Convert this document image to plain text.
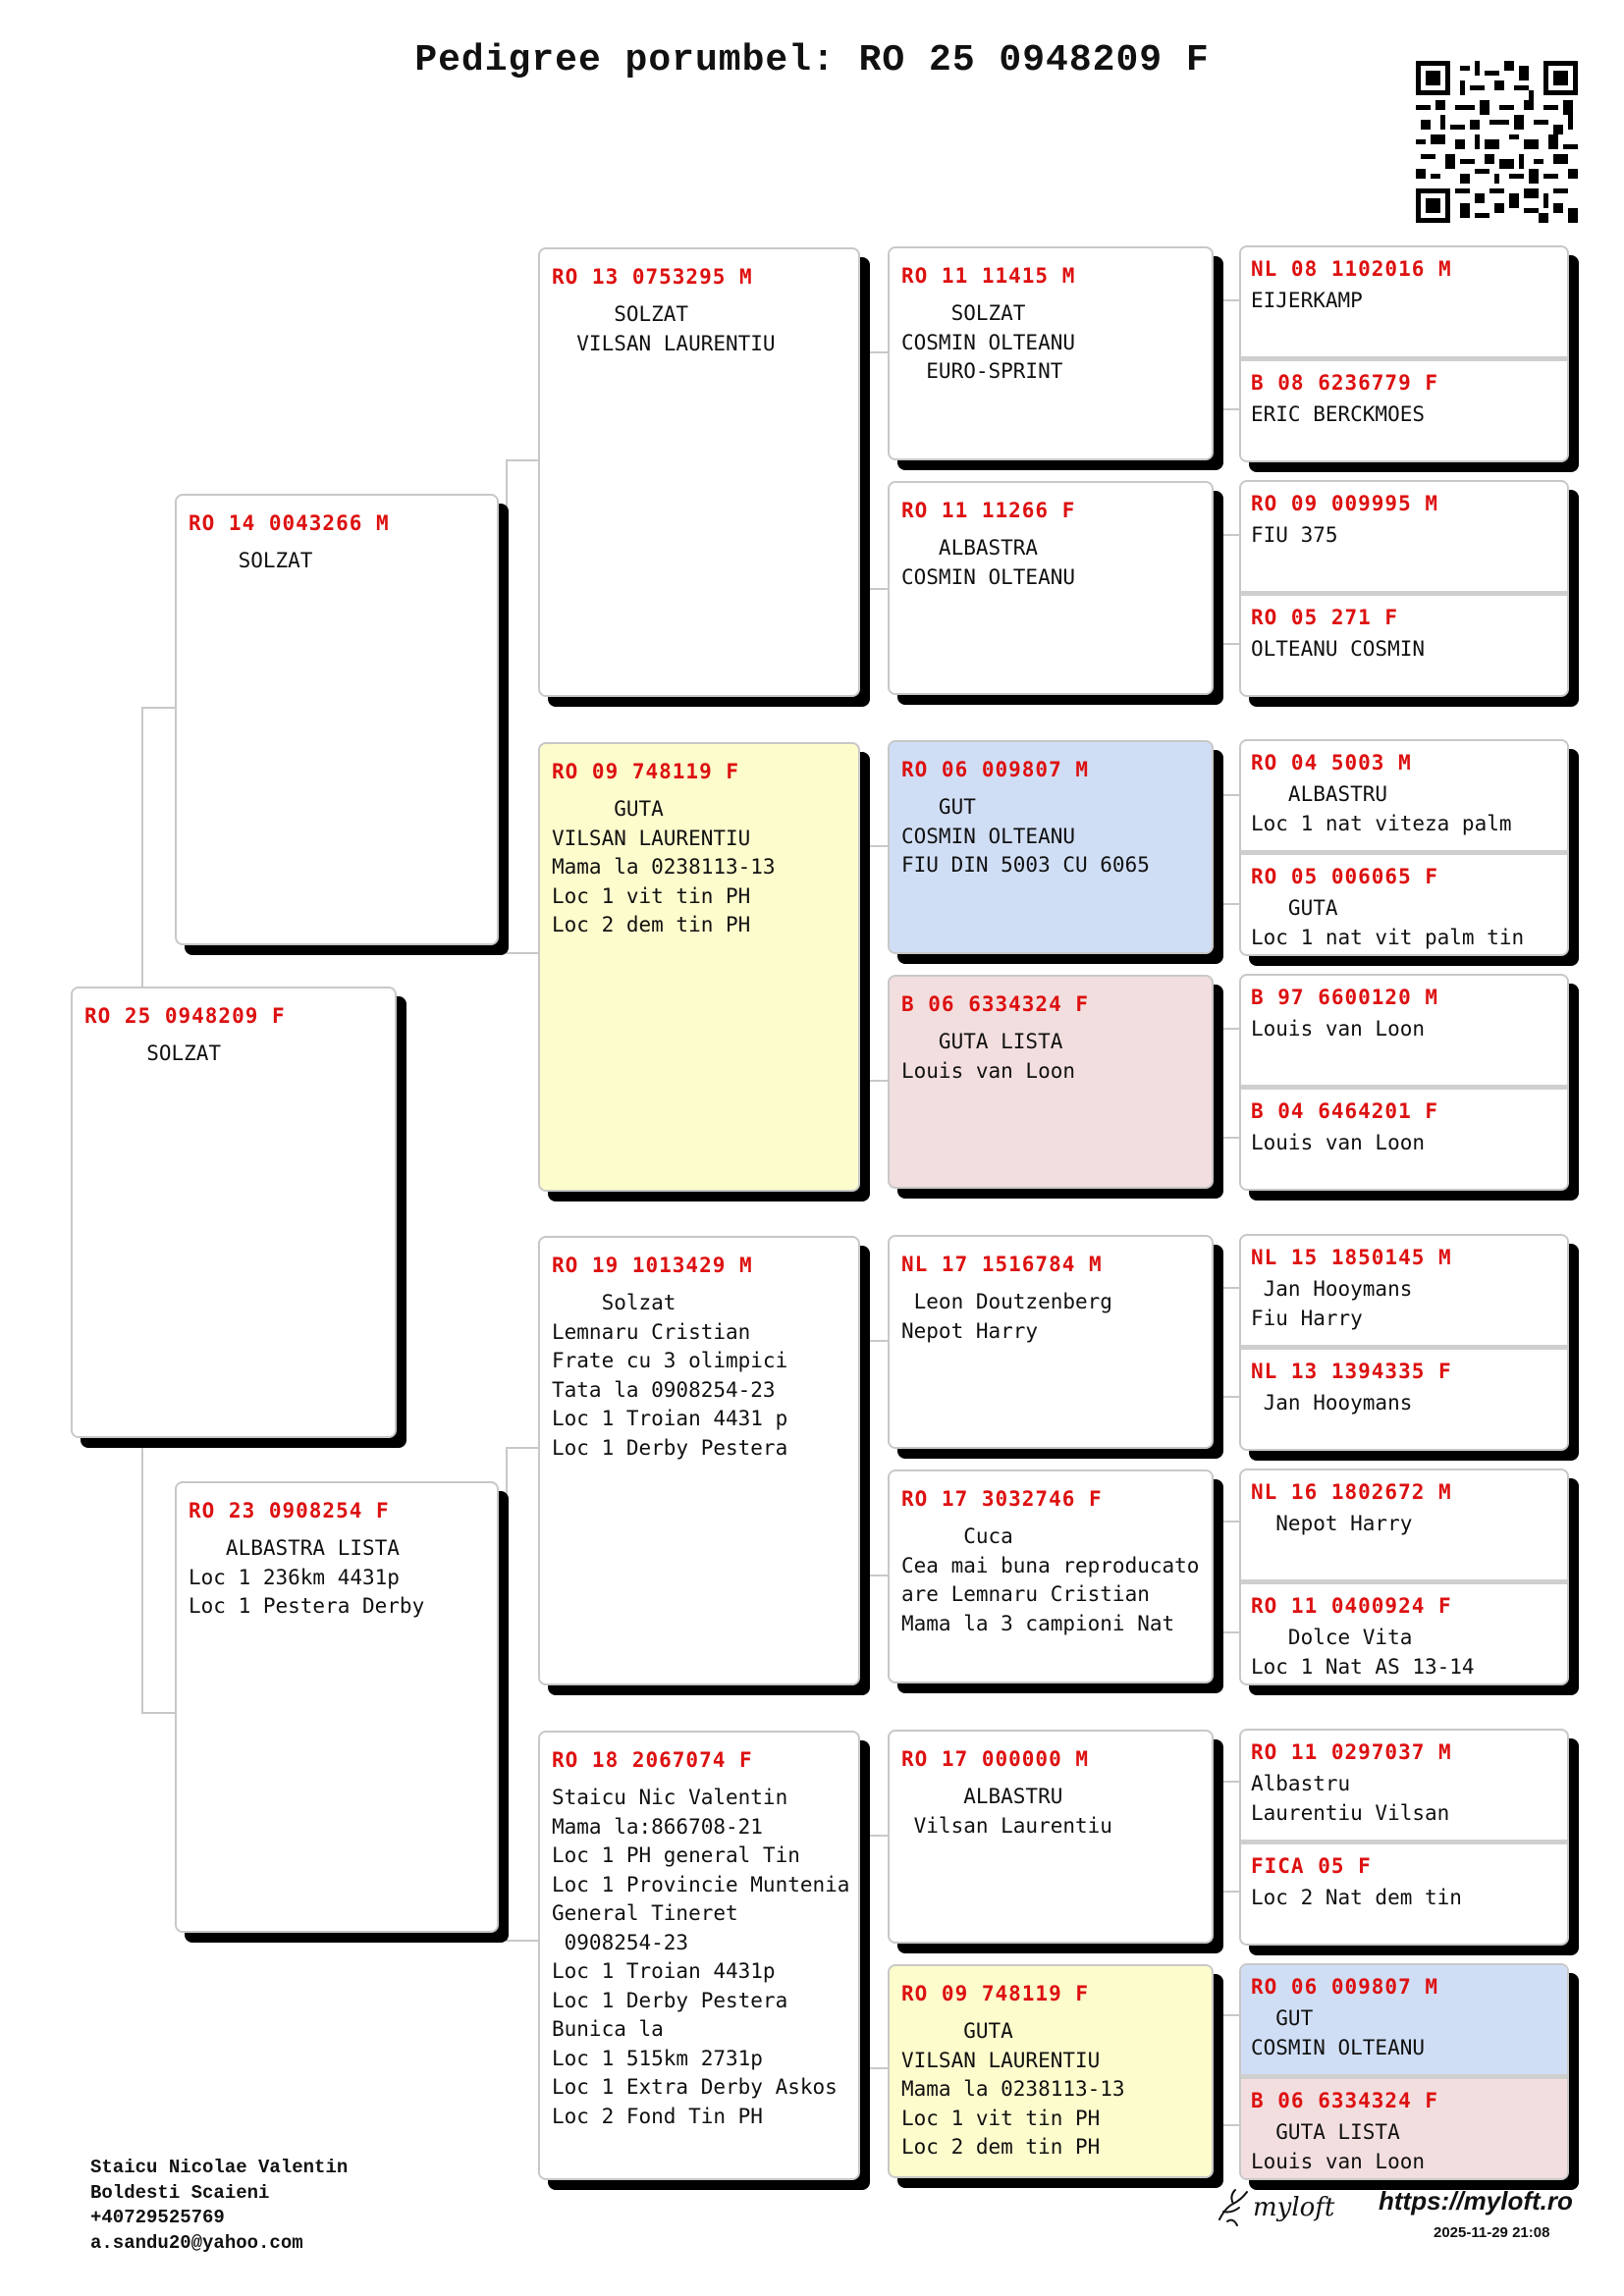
Pedigree porumbel: RO 25 0948209 F
RO 25 0948209 F
SOLZAT
RO 14 0043266 M
SOLZAT
RO 23 0908254 F
ALBASTRA LISTA
Loc 1 236km 4431p
Loc 1 Pestera Derby
RO 13 0753295 M
SOLZAT
VILSAN LAURENTIU
RO 09 748119 F
GUTA
VILSAN LAURENTIU
Mama la 0238113-13
Loc 1 vit tin PH
Loc 2 dem tin PH
RO 19 1013429 M
Solzat
Lemnaru Cristian
Frate cu 3 olimpici
Tata la 0908254-23
Loc 1 Troian 4431 p
Loc 1 Derby Pestera
RO 18 2067074 F
Staicu Nic Valentin
Mama la:866708-21
Loc 1 PH general Tin
Loc 1 Provincie Muntenia
General Tineret
0908254-23
Loc 1 Troian 4431p
Loc 1 Derby Pestera
Bunica la
Loc 1 515km 2731p
Loc 1 Extra Derby Askos
Loc 2 Fond Tin PH
RO 11 11415 M
SOLZAT
COSMIN OLTEANU
EURO-SPRINT
RO 11 11266 F
ALBASTRA
COSMIN OLTEANU
RO 06 009807 M
GUT
COSMIN OLTEANU
FIU DIN 5003 CU 6065
B 06 6334324 F
GUTA LISTA
Louis van Loon
NL 17 1516784 M
Leon Doutzenberg
Nepot Harry
RO 17 3032746 F
Cuca
Cea mai buna reproducato
are Lemnaru Cristian
Mama la 3 campioni Nat
RO 17 000000 M
ALBASTRU
Vilsan Laurentiu
RO 09 748119 F
GUTA
VILSAN LAURENTIU
Mama la 0238113-13
Loc 1 vit tin PH
Loc 2 dem tin PH
NL 08 1102016 M
EIJERKAMP
B 08 6236779 F
ERIC BERCKMOES
RO 09 009995 M
FIU 375
RO 05 271 F
OLTEANU COSMIN
RO 04 5003 M
ALBASTRU
Loc 1 nat viteza palm
RO 05 006065 F
GUTA
Loc 1 nat vit palm tin
B 97 6600120 M
Louis van Loon
B 04 6464201 F
Louis van Loon
NL 15 1850145 M
Jan Hooymans
Fiu Harry
NL 13 1394335 F
Jan Hooymans
NL 16 1802672 M
Nepot Harry
RO 11 0400924 F
Dolce Vita
Loc 1 Nat AS 13-14
RO 11 0297037 M
Albastru
Laurentiu Vilsan
FICA 05 F
Loc 2 Nat dem tin
RO 06 009807 M
GUT
COSMIN OLTEANU
B 06 6334324 F
GUTA LISTA
Louis van Loon
Staicu Nicolae Valentin
Boldesti Scaieni
+40729525769
a.sandu20@yahoo.com
myloft https://myloft.ro
2025-11-29 21:08
